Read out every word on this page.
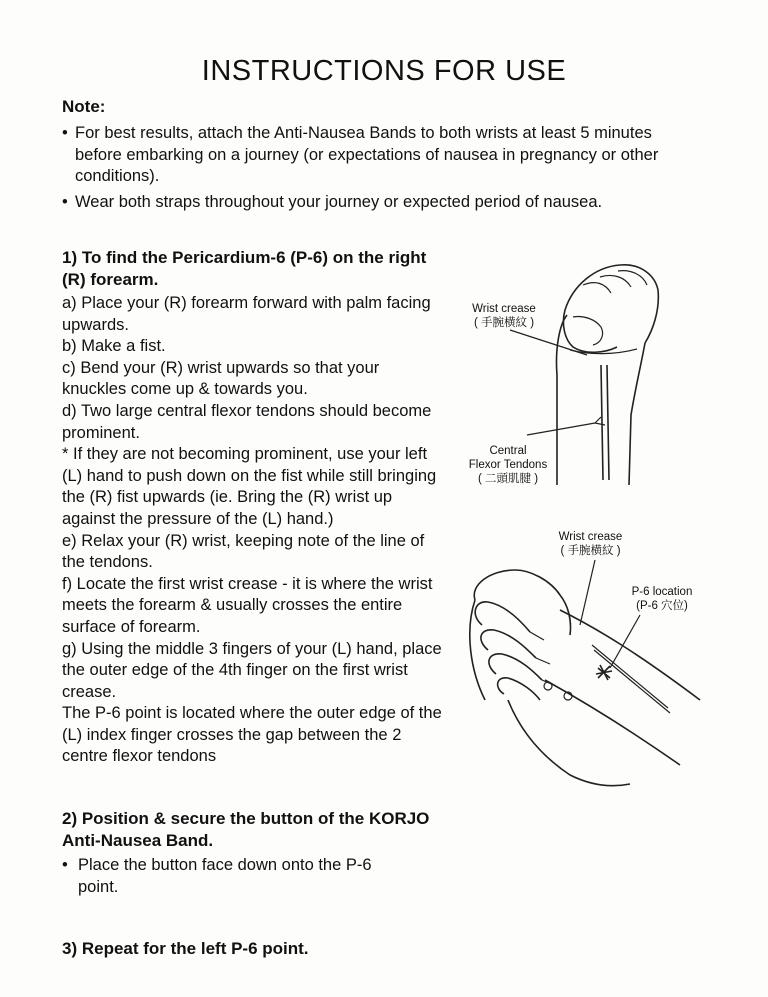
INSTRUCTIONS FOR USE
Note:
• For best results, attach the Anti-Nausea Bands to both wrists at least 5 minutes before embarking on a journey (or expectations of nausea in pregnancy or other conditions).
• Wear both straps throughout your journey or expected period of nausea.
1) To find the Pericardium-6 (P-6) on the right
(R) forearm.

a) Place your (R) forearm forward with palm facing upwards.

b) Make a fist.

c) Bend your (R) wrist upwards so that your knuckles come up & towards you.

d) Two large central flexor tendons should become prominent.

* If they are not becoming prominent, use your left (L) hand to push down on the fist while still bringing the (R) fist upwards (ie. Bring the (R) wrist up against the pressure of the (L) hand.)

e) Relax your (R) wrist, keeping note of the line of the tendons.

f) Locate the first wrist crease - it is where the wrist meets the forearm & usually crosses the entire surface of forearm.

g) Using the middle 3 fingers of your (L) hand, place the outer edge of the 4th finger on the first wrist crease.

The P-6 point is located where the outer edge of the (L) index finger crosses the gap between the 2 centre flexor tendons

2) Position & secure the button of the KORJO
Anti-Nausea Band.
• Place the button face down onto the P-6 point.
3) Repeat for the left P-6 point.
Wrist crease
( 手腕横紋 )
Central
Flexor Tendons
( 二頭肌腱 )
Wrist crease
( 手腕横紋 )
P-6 location
(P-6 穴位)
